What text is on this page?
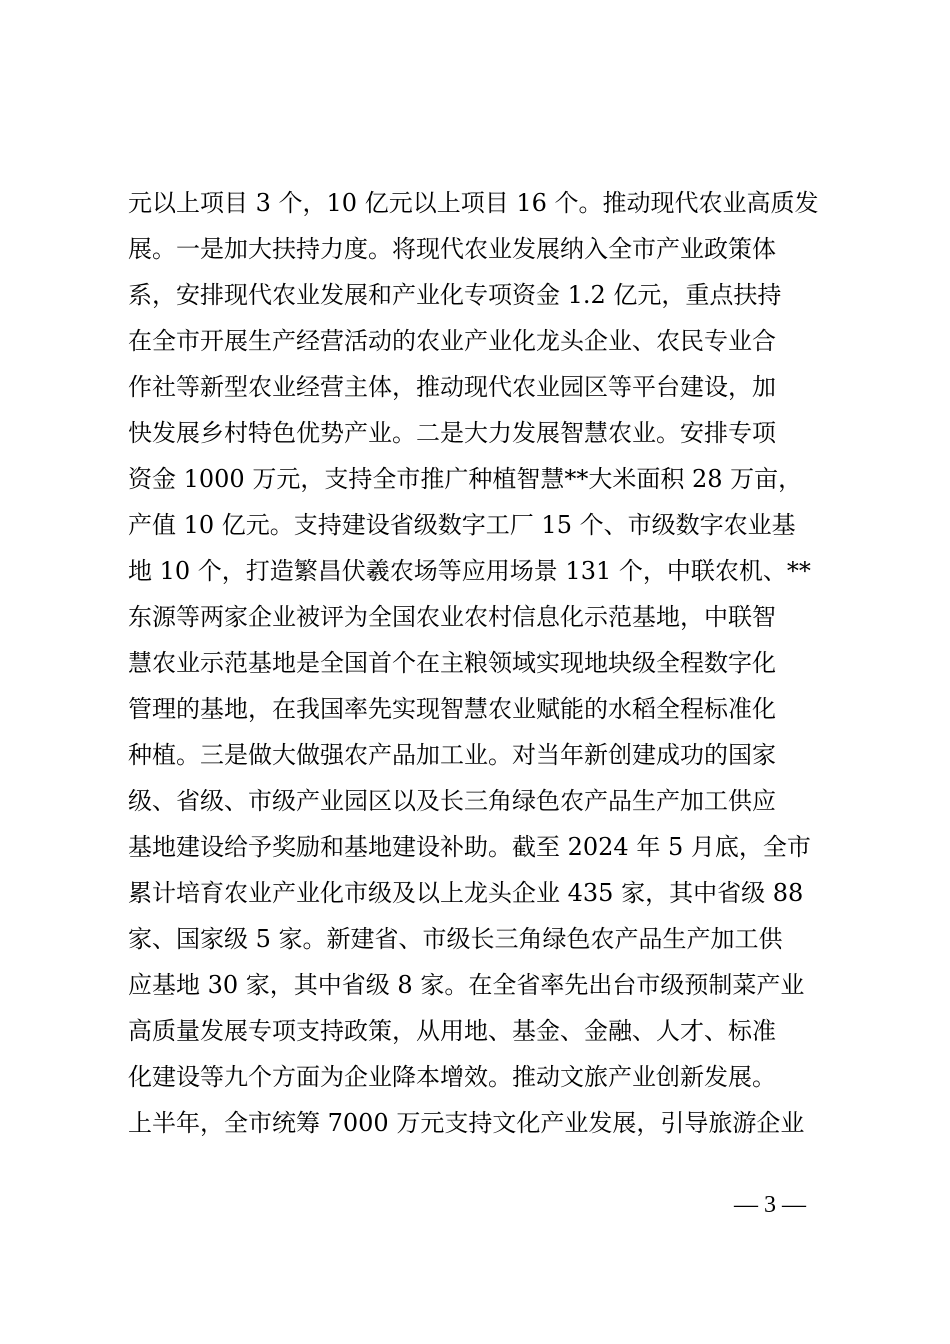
元以上项目 3 个，10 亿元以上项目 16 个。推动现代农业高质发
展。一是加大扶持力度。将现代农业发展纳入全市产业政策体
系，安排现代农业发展和产业化专项资金 1.2 亿元，重点扶持
在全市开展生产经营活动的农业产业化龙头企业、农民专业合
作社等新型农业经营主体，推动现代农业园区等平台建设，加
快发展乡村特色优势产业。二是大力发展智慧农业。安排专项
资金 1000 万元，支持全市推广种植智慧**大米面积 28 万亩，
产值 10 亿元。支持建设省级数字工厂 15 个、市级数字农业基
地 10 个，打造繁昌伏羲农场等应用场景 131 个，中联农机、**
东源等两家企业被评为全国农业农村信息化示范基地，中联智
慧农业示范基地是全国首个在主粮领域实现地块级全程数字化
管理的基地，在我国率先实现智慧农业赋能的水稻全程标准化
种植。三是做大做强农产品加工业。对当年新创建成功的国家
级、省级、市级产业园区以及长三角绿色农产品生产加工供应
基地建设给予奖励和基地建设补助。截至 2024 年 5 月底，全市
累计培育农业产业化市级及以上龙头企业 435 家，其中省级 88
家、国家级 5 家。新建省、市级长三角绿色农产品生产加工供
应基地 30 家，其中省级 8 家。在全省率先出台市级预制菜产业
高质量发展专项支持政策，从用地、基金、金融、人才、标准
化建设等九个方面为企业降本增效。推动文旅产业创新发展。
上半年，全市统筹 7000 万元支持文化产业发展，引导旅游企业
— 3 —
